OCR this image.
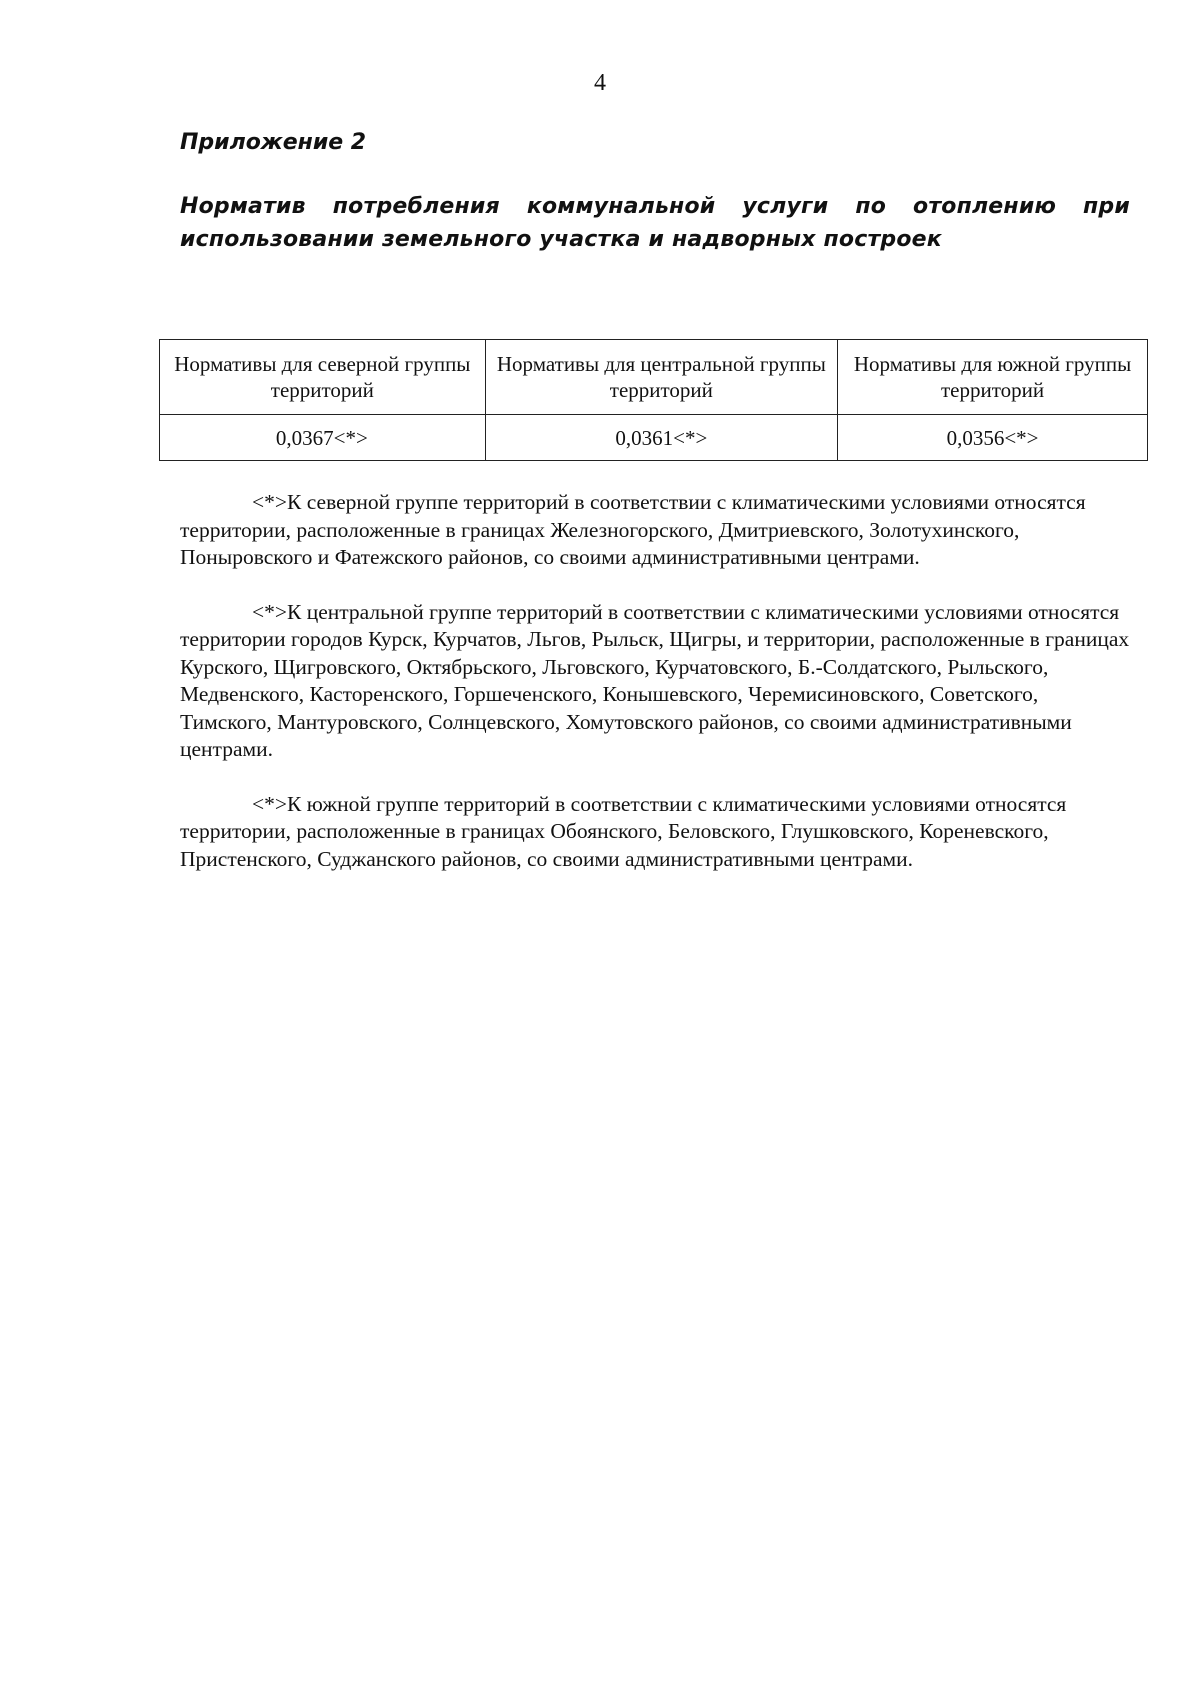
4
Приложение 2
Норматив потребления коммунальной услуги по отоплению при
использовании земельного участка и надворных построек
Нормативы для северной группы территорий	Нормативы для центральной группы территорий	Нормативы для южной группы территорий
0,0367<*>	0,0361<*>	0,0356<*>

<*>К северной группе территорий в соответствии с климатическими условиями относятся территории, расположенные в границах Железногорского, Дмитриевского, Золотухинского, Поныровского и Фатежского районов, со своими административными центрами.

<*>К центральной группе территорий в соответствии с климатическими условиями относятся территории городов Курск, Курчатов, Льгов, Рыльск, Щигры, и территории, расположенные в границах Курского, Щигровского, Октябрьского, Льговского, Курчатовского, Б.-Солдатского, Рыльского, Медвенского, Касторенского, Горшеченского, Конышевского, Черемисиновского, Советского, Тимского, Мантуровского, Солнцевского, Хомутовского районов, со своими административными центрами.

<*>К южной группе территорий в соответствии с климатическими условиями относятся территории, расположенные в границах Обоянского, Беловского, Глушковского, Кореневского, Пристенского, Суджанского районов, со своими административными центрами.
